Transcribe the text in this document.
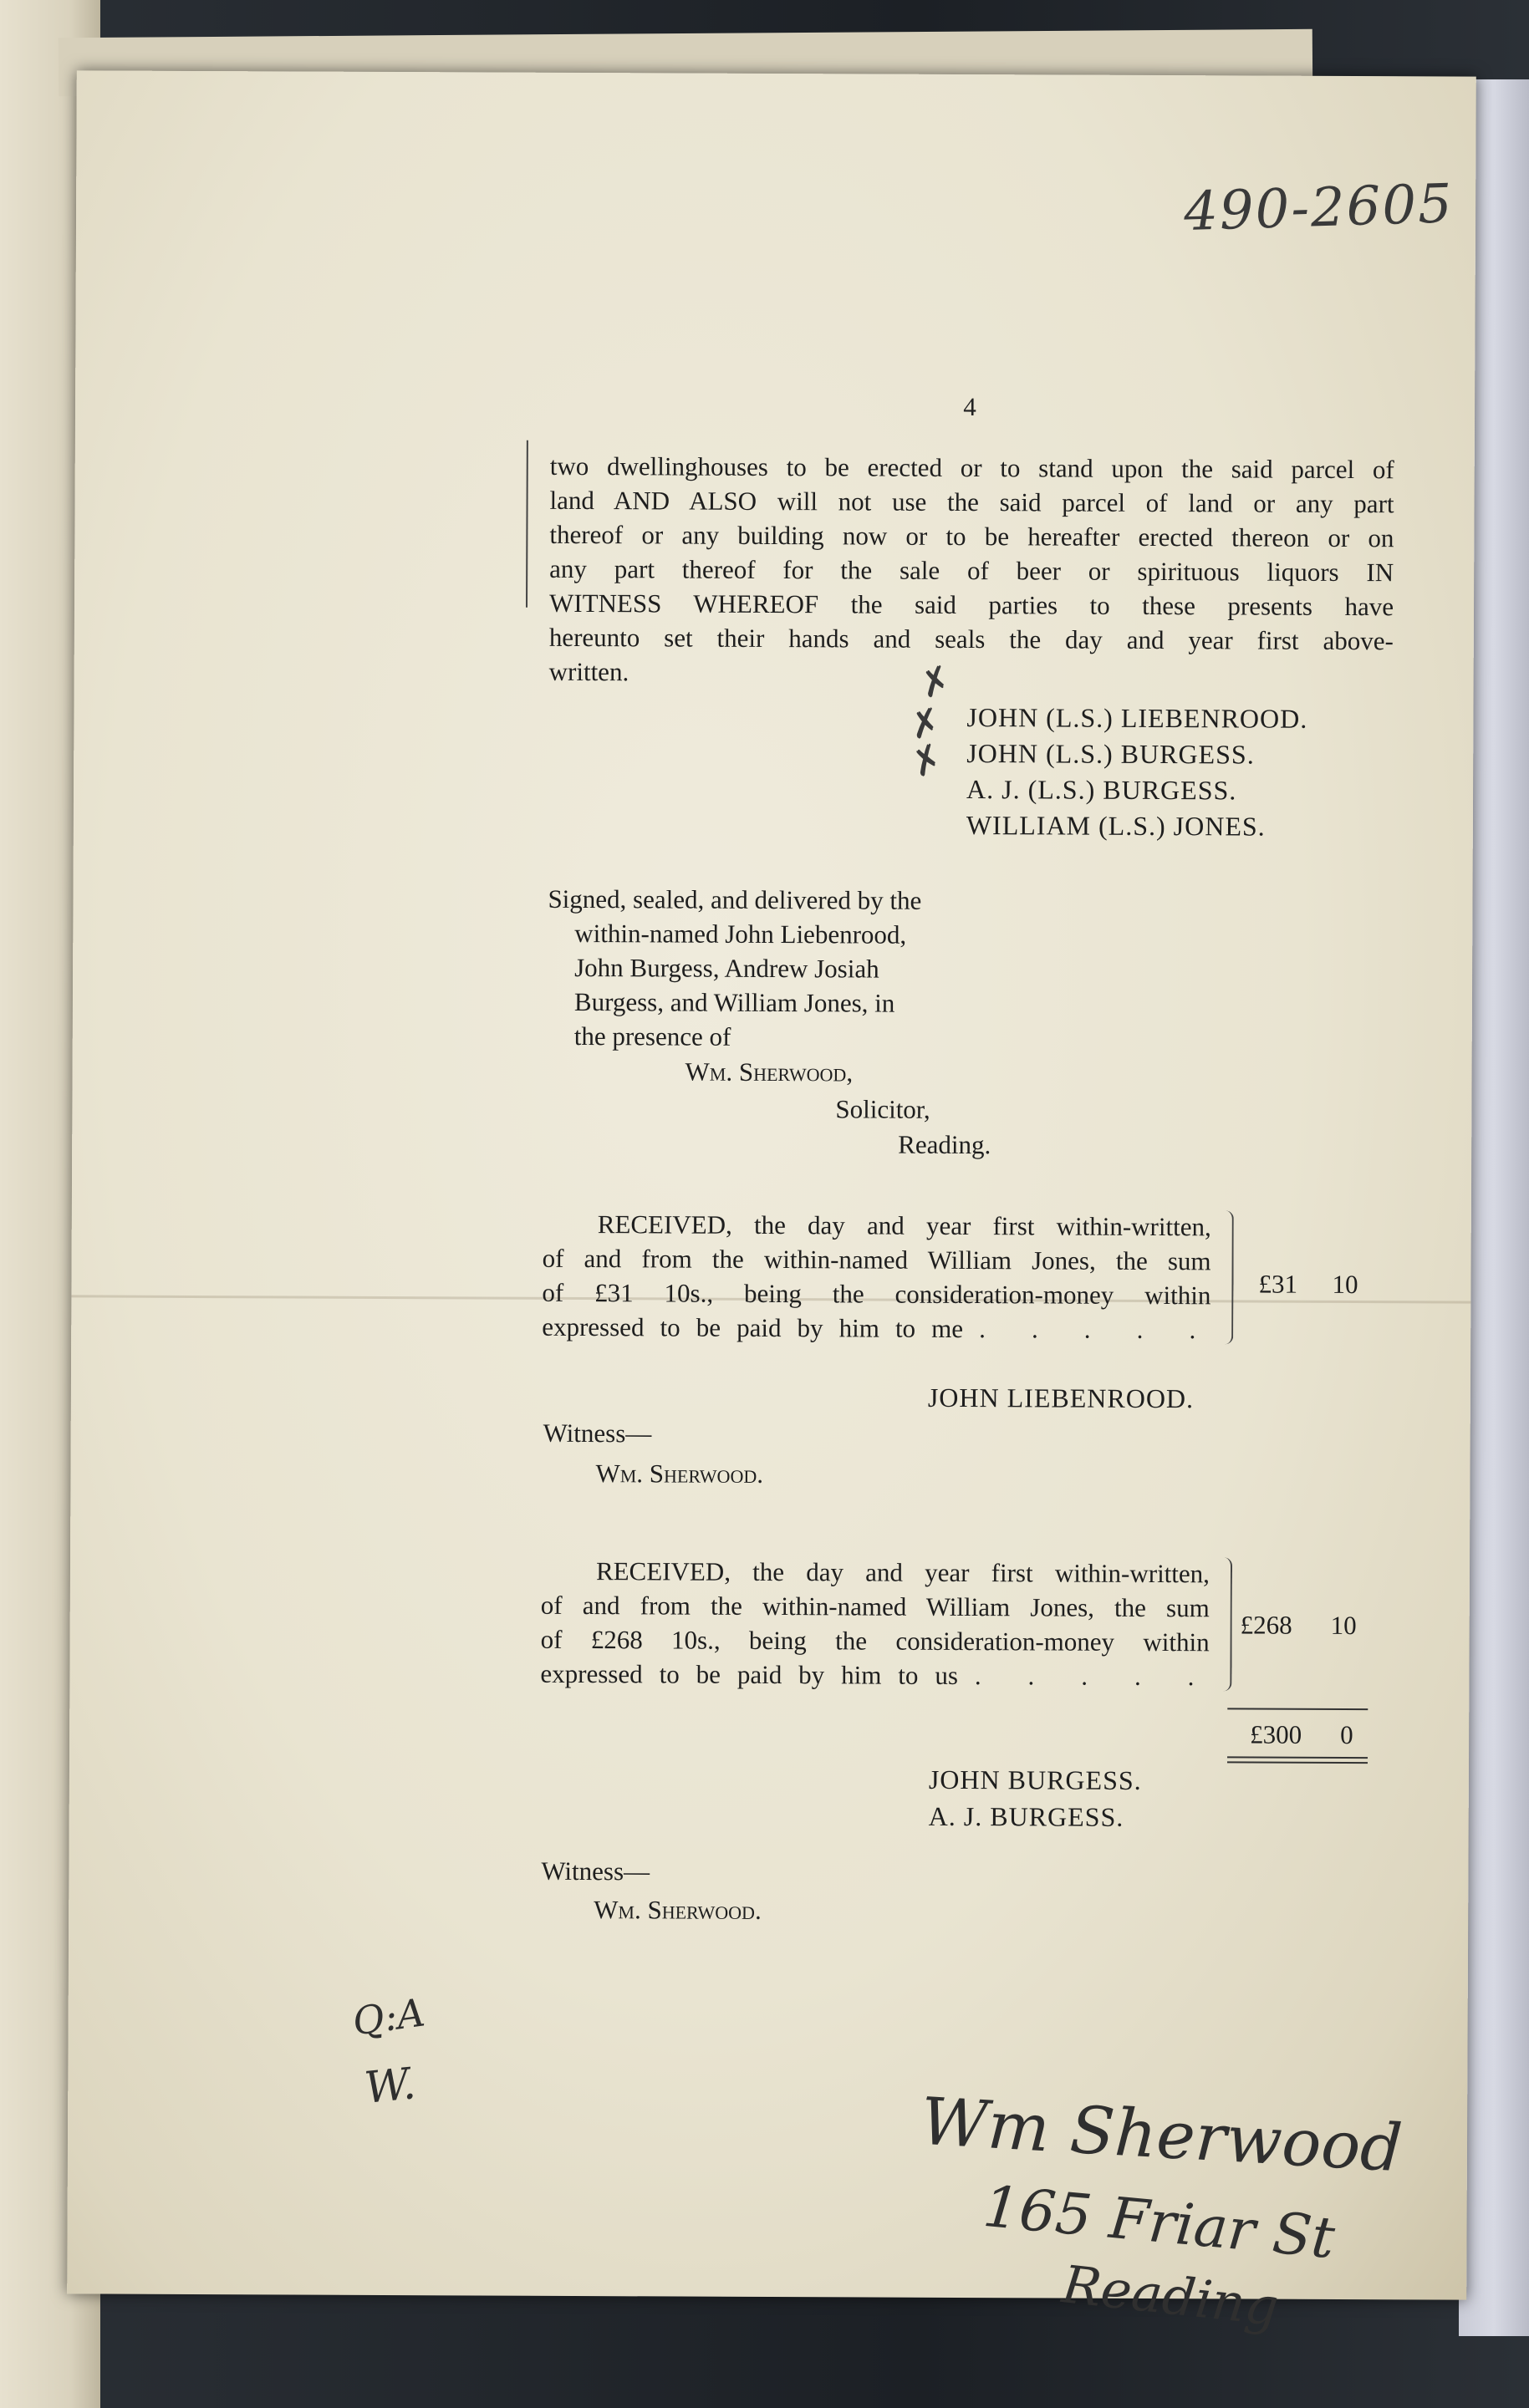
490-2605
4
two dwellinghouses to be erected or to stand upon the said parcel of
land AND ALSO will not use the said parcel of land or any part
thereof or any building now or to be hereafter erected thereon or on
any part thereof for the sale of beer or spirituous liquors IN
WITNESS WHEREOF the said parties to these presents have
hereunto set their hands and seals the day and year first above-
written.	✗
✗
✗
JOHN (L.S.) LIEBENROOD.
JOHN (L.S.) BURGESS.
A. J. (L.S.) BURGESS.
WILLIAM (L.S.) JONES.
Signed, sealed, and delivered by the
within-named John Liebenrood,
John Burgess, Andrew Josiah
Burgess, and William Jones, in
the presence of
Wm. Sherwood,
Solicitor,
Reading.
RECEIVED, the day and year first within-written,
of and from the within-named William Jones, the sum
of £31 10s., being the consideration-money within
expressed to be paid by him to me . . . . .
£31 10
JOHN LIEBENROOD.
Witness—
Wm. Sherwood.
RECEIVED, the day and year first within-written,
of and from the within-named William Jones, the sum
of £268 10s., being the consideration-money within
expressed to be paid by him to us . . . . .
£268 10
£300 0
JOHN BURGESS.
A. J. BURGESS.
Witness—
Wm. Sherwood.
Q:A
W.	Wm Sherwood
165 Friar St
Reading
